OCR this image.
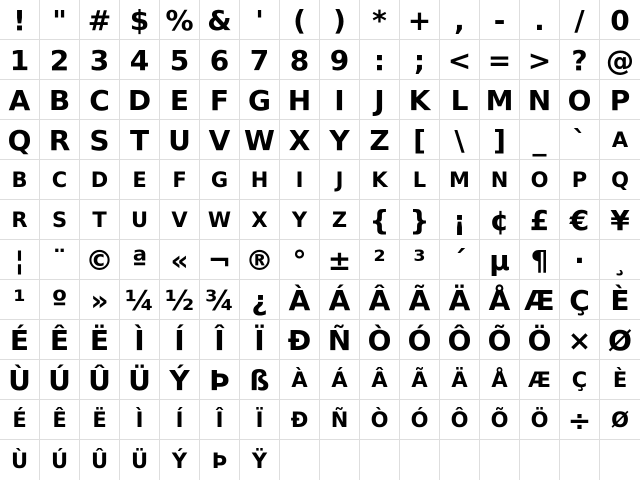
! " # $ % & '	( ) * + ,	-	.	/ 0
1 2 3 4 5 6 7 8 9 :	; < = > ? @
A B C D E F G H I	J K L M N O P
Q R S T U V W X Y Z [	\	] _ `	A
B	C	D	E	F	G	H	I	J	K	L	M N	O	P	Q
R	S	T	U	V W X	Y	Z { } ¡ ¢ £ € ¥
¦ ¨ © ª « ¬ ® ° ± ² ³ ´ µ ¶ ·	¸
¹ º » ¼ ½ ¾ ¿ À Á Â Ã Ä Å Æ Ç È
É Ê Ë Ì	Í	Î	Ï Ð Ñ Ò Ó Ô Õ Ö × Ø
Ù Ú Û Ü Ý Þ ß	À	Á	Â	Ã	Ä	Å Æ Ç	È
É	Ê	Ë	Ì	Í	Î	Ï	Ð	Ñ	Ò	Ó	Ô	Õ	Ö ÷ Ø
Ù	Ú	Û	Ü	Ý	Þ	Ÿ
